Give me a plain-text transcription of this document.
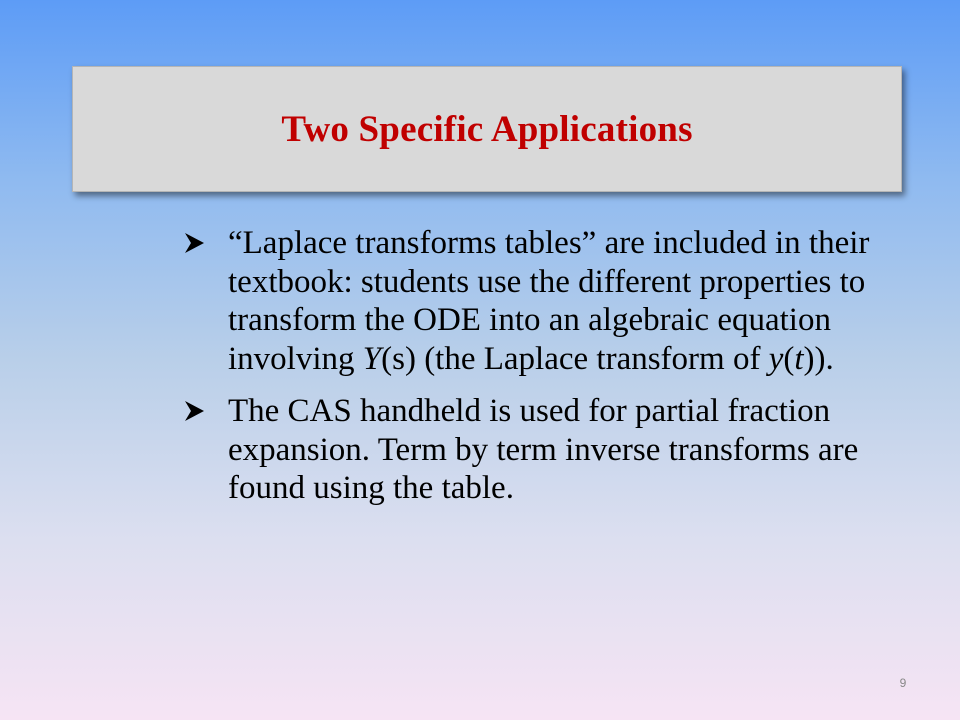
Two Specific Applications
“Laplace transforms tables” are included in their textbook: students use the different properties to transform the ODE into an algebraic equation involving Y(s) (the Laplace transform of y(t)).
The CAS handheld is used for partial fraction expansion. Term by term inverse transforms are found using the table.
9
